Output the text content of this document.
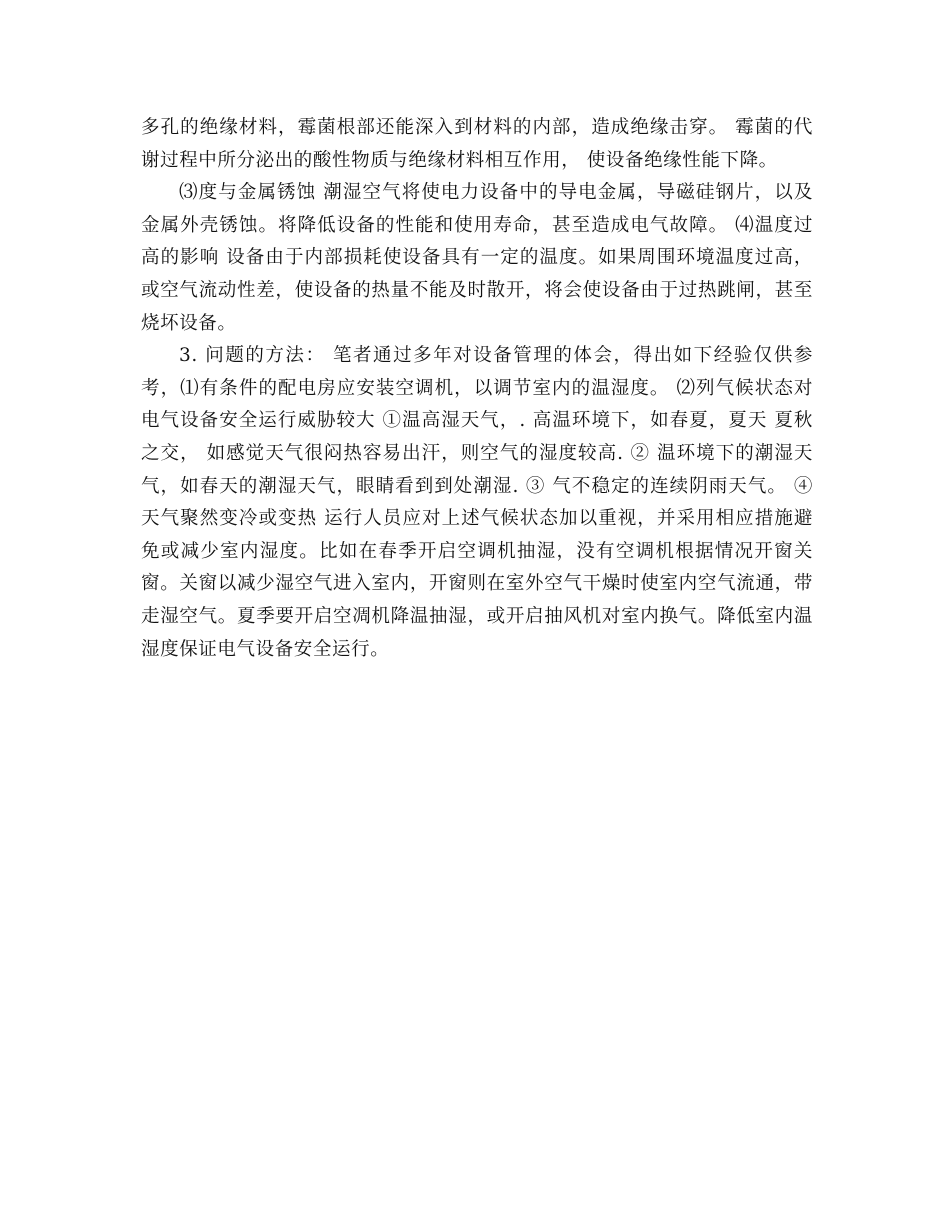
多孔的绝缘材料，霉菌根部还能深入到材料的内部，造成绝缘击穿。 霉菌的代谢过程中所分泌出的酸性物质与绝缘材料相互作用， 使设备绝缘性能下降。

⑶度与金属锈蚀 潮湿空气将使电力设备中的导电金属，导磁硅钢片，以及金属外壳锈蚀。将降低设备的性能和使用寿命，甚至造成电气故障。 ⑷温度过高的影响 设备由于内部损耗使设备具有一定的温度。如果周围环境温度过高，或空气流动性差，使设备的热量不能及时散开，将会使设备由于过热跳闸，甚至烧坏设备。

3. 问题的方法： 笔者通过多年对设备管理的体会，得出如下经验仅供参考，⑴有条件的配电房应安装空调机，以调节室内的温湿度。 ⑵列气候状态对电气设备安全运行威胁较大 ①温高湿天气，. 高温环境下，如春夏，夏天 夏秋之交， 如感觉天气很闷热容易出汗，则空气的湿度较高. ② 温环境下的潮湿天气，如春天的潮湿天气，眼睛看到到处潮湿. ③ 气不稳定的连续阴雨天气。 ④天气聚然变冷或变热 运行人员应对上述气候状态加以重视，并采用相应措施避免或减少室内湿度。比如在春季开启空调机抽湿，没有空调机根据情况开窗关窗。关窗以减少湿空气进入室内，开窗则在室外空气干燥时使室内空气流通，带走湿空气。夏季要开启空凋机降温抽湿，或开启抽风机对室内换气。降低室内温湿度保证电气设备安全运行。
